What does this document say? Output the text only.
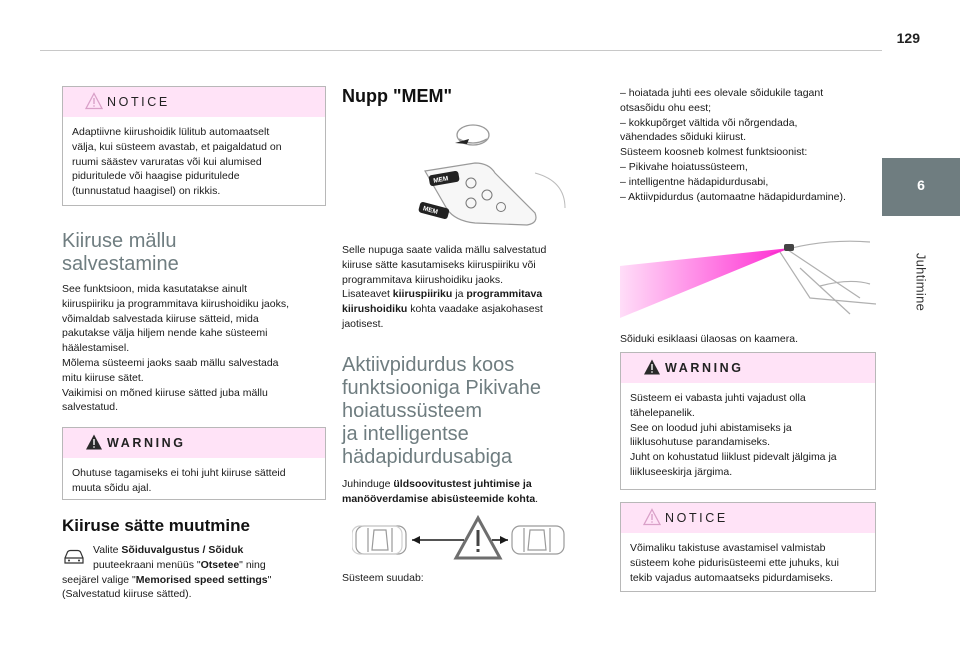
129
6
Juhtimine
NOTICE
Adaptiivne kiirushoidik lülitub automaatselt
välja, kui süsteem avastab, et paigaldatud on
ruumi säästev varuratas või kui alumised
piduritulede või haagise piduritulede
(tunnustatud haagisel) on rikkis.
Kiiruse mällu
salvestamine
See funktsioon, mida kasutatakse ainult
kiiruspiiriku ja programmitava kiirushoidiku jaoks,
võimaldab salvestada kiiruse sätteid, mida
pakutakse välja hiljem nende kahe süsteemi
häälestamisel.
Mõlema süsteemi jaoks saab mällu salvestada
mitu kiiruse sätet.
Vaikimisi on mõned kiiruse sätted juba mällu
salvestatud.
WARNING
Ohutuse tagamiseks ei tohi juht kiiruse sätteid
muuta sõidu ajal.
Kiiruse sätte muutmine
Valite Sõiduvalgustus / Sõiduk
puuteekraani menüüs "Otsetee" ning
seejärel valige "Memorised speed settings"
(Salvestatud kiiruse sätted).
Nupp "MEM"
MEM
MEM
Selle nupuga saate valida mällu salvestatud
kiiruse sätte kasutamiseks kiiruspiiriku või
programmitava kiirushoidiku jaoks.
Lisateavet kiiruspiiriku ja programmitava
kiirushoidiku kohta vaadake asjakohasest
jaotisest.
Aktiivpidurdus koos
funktsiooniga Pikivahe
hoiatussüsteem
ja intelligentse
hädapidurdusabiga
Juhinduge üldsoovitustest juhtimise ja
manööverdamise abisüsteemide kohta.
Süsteem suudab:
– hoiatada juhti ees olevale sõidukile tagant
otsasõidu ohu eest;
– kokkupõrget vältida või nõrgendada,
vähendades sõiduki kiirust.
Süsteem koosneb kolmest funktsioonist:
– Pikivahe hoiatussüsteem,
– intelligentne hädapidurdusabi,
– Aktiivpidurdus (automaatne hädapidurdamine).
Sõiduki esiklaasi ülaosas on kaamera.
WARNING
Süsteem ei vabasta juhti vajadust olla
tähelepanelik.
See on loodud juhi abistamiseks ja
liiklusohutuse parandamiseks.
Juht on kohustatud liiklust pidevalt jälgima ja
liikluseeskirja järgima.
NOTICE
Võimaliku takistuse avastamisel valmistab
süsteem kohe pidurisüsteemi ette juhuks, kui
tekib vajadus automaatseks pidurdamiseks.
